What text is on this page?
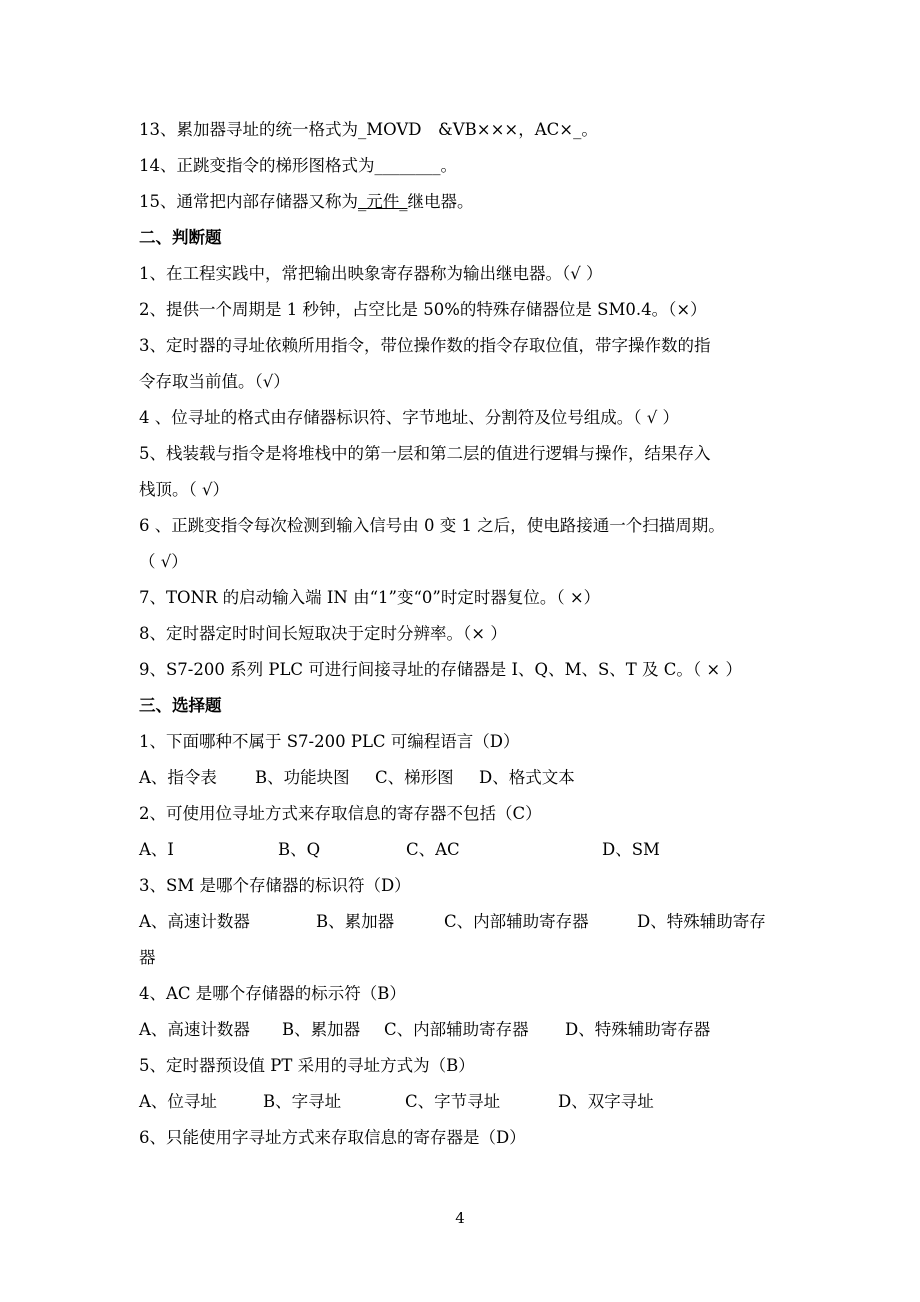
13、累加器寻址的统一格式为_MOVD　&VB×××，AC×_。
14、正跳变指令的梯形图格式为________。
15、通常把内部存储器又称为_元件_继电器。
二、判断题
1、在工程实践中，常把输出映象寄存器称为输出继电器。（√ ）
2、提供一个周期是 1 秒钟，占空比是 50%的特殊存储器位是 SM0.4。（×）
3、定时器的寻址依赖所用指令，带位操作数的指令存取位值，带字操作数的指
令存取当前值。（√）
4 、位寻址的格式由存储器标识符、字节地址、分割符及位号组成。（ √ ）
5、栈装载与指令是将堆栈中的第一层和第二层的值进行逻辑与操作，结果存入
栈顶。（ √）
6 、正跳变指令每次检测到输入信号由 0 变 1 之后，使电路接通一个扫描周期。
（ √）
7、TONR 的启动输入端 IN 由“1”变“0”时定时器复位。（ ×）
8、定时器定时时间长短取决于定时分辨率。（× ）
9、S7-200 系列 PLC 可进行间接寻址的存储器是 I、Q、M、S、T 及 C。（ × ）
三、选择题
1、下面哪种不属于 S7-200 PLC 可编程语言（D）

A、指令表

B、功能块图

C、梯形图

D、格式文本

2、可使用位寻址方式来存取信息的寄存器不包括（C）

A、I

	B、Q

	C、AC

	D、SM

3、SM 是哪个存储器的标识符（D）

A、高速计数器

	B、累加器

	C、内部辅助寄存器

	D、特殊辅助寄存

器
4、AC 是哪个存储器的标示符（B）

A、高速计数器

B、累加器

C、内部辅助寄存器

D、特殊辅助寄存器

5、定时器预设值 PT 采用的寻址方式为（B）

A、位寻址

	B、字寻址

	C、字节寻址

	D、双字寻址

6、只能使用字寻址方式来存取信息的寄存器是（D）
4
